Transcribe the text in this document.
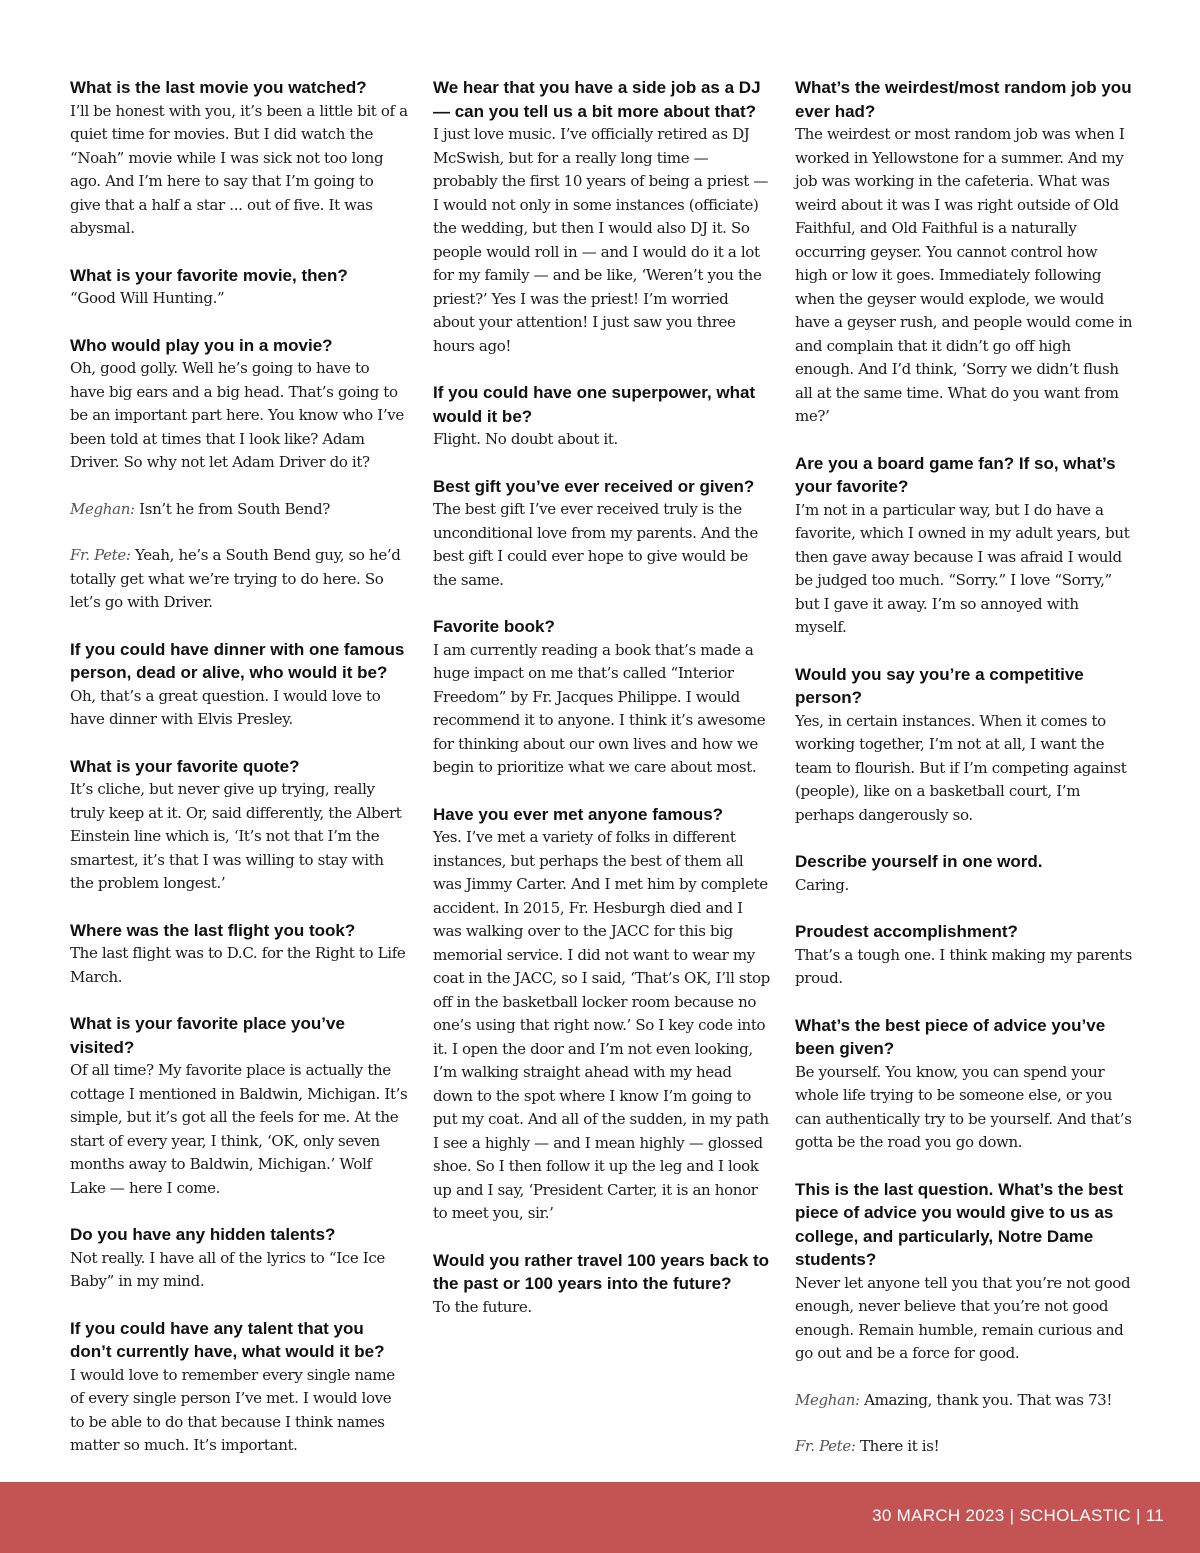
What is the last movie you watched?

I’ll be honest with you, it’s been a little bit of a quiet time for movies. But I did watch the “Noah” movie while I was sick not too long ago. And I’m here to say that I’m going to give that a half a star ... out of five. It was abysmal.

What is your favorite movie, then?

“Good Will Hunting.”

Who would play you in a movie?

Oh, good golly. Well he’s going to have to have big ears and a big head. That’s going to be an important part here. You know who I’ve been told at times that I look like? Adam Driver. So why not let Adam Driver do it?

Meghan: Isn’t he from South Bend?

Fr. Pete: Yeah, he’s a South Bend guy, so he’d totally get what we’re trying to do here. So let’s go with Driver.

If you could have dinner with one famous person, dead or alive, who would it be?

Oh, that’s a great question. I would love to have dinner with Elvis Presley.

What is your favorite quote?

It’s cliche, but never give up trying, really truly keep at it. Or, said differently, the Albert Einstein line which is, ‘It’s not that I’m the smartest, it’s that I was willing to stay with the problem longest.’

Where was the last flight you took?

The last flight was to D.C. for the Right to Life March.

What is your favorite place you’ve visited?

Of all time? My favorite place is actually the cottage I mentioned in Baldwin, Michigan. It’s simple, but it’s got all the feels for me. At the start of every year, I think, ‘OK, only seven months away to Baldwin, Michigan.’ Wolf Lake — here I come.

Do you have any hidden talents?

Not really. I have all of the lyrics to “Ice Ice Baby” in my mind.

If you could have any talent that you don’t currently have, what would it be?

I would love to remember every single name of every single person I’ve met. I would love to be able to do that because I think names matter so much. It’s important.

We hear that you have a side job as a DJ — can you tell us a bit more about that?

I just love music. I’ve officially retired as DJ McSwish, but for a really long time — probably the first 10 years of being a priest — I would not only in some instances (officiate) the wedding, but then I would also DJ it. So people would roll in — and I would do it a lot for my family — and be like, ‘Weren’t you the priest?’ Yes I was the priest! I’m worried about your attention! I just saw you three hours ago!

If you could have one superpower, what would it be?

Flight. No doubt about it.

Best gift you’ve ever received or given?

The best gift I’ve ever received truly is the unconditional love from my parents. And the best gift I could ever hope to give would be the same.

Favorite book?

I am currently reading a book that’s made a huge impact on me that’s called “Interior Freedom” by Fr. Jacques Philippe. I would recommend it to anyone. I think it’s awesome for thinking about our own lives and how we begin to prioritize what we care about most.

Have you ever met anyone famous?

Yes. I’ve met a variety of folks in different instances, but perhaps the best of them all was Jimmy Carter. And I met him by complete accident. In 2015, Fr. Hesburgh died and I was walking over to the JACC for this big memorial service. I did not want to wear my coat in the JACC, so I said, ‘That’s OK, I’ll stop off in the basketball locker room because no one’s using that right now.’ So I key code into it. I open the door and I’m not even looking, I’m walking straight ahead with my head down to the spot where I know I’m going to put my coat. And all of the sudden, in my path I see a highly — and I mean highly — glossed shoe. So I then follow it up the leg and I look up and I say, ‘President Carter, it is an honor to meet you, sir.’

Would you rather travel 100 years back to the past or 100 years into the future?

To the future.

What’s the weirdest/most random job you ever had?

The weirdest or most random job was when I worked in Yellowstone for a summer. And my job was working in the cafeteria. What was weird about it was I was right outside of Old Faithful, and Old Faithful is a naturally occurring geyser. You cannot control how high or low it goes. Immediately following when the geyser would explode, we would have a geyser rush, and people would come in and complain that it didn’t go off high enough. And I’d think, ‘Sorry we didn’t flush all at the same time. What do you want from me?’

Are you a board game fan? If so, what’s your favorite?

I’m not in a particular way, but I do have a favorite, which I owned in my adult years, but then gave away because I was afraid I would be judged too much. “Sorry.” I love “Sorry,” but I gave it away. I’m so annoyed with myself.

Would you say you’re a competitive person?

Yes, in certain instances. When it comes to working together, I’m not at all, I want the team to flourish. But if I’m competing against (people), like on a basketball court, I’m perhaps dangerously so.

Describe yourself in one word.

Caring.

Proudest accomplishment?

That’s a tough one. I think making my parents proud.

What’s the best piece of advice you’ve been given?

Be yourself. You know, you can spend your whole life trying to be someone else, or you can authentically try to be yourself. And that’s gotta be the road you go down.

This is the last question. What’s the best piece of advice you would give to us as college, and particularly, Notre Dame students?

Never let anyone tell you that you’re not good enough, never believe that you’re not good enough. Remain humble, remain curious and go out and be a force for good.

Meghan: Amazing, thank you. That was 73!

Fr. Pete: There it is!

30 MARCH 2023 | SCHOLASTIC | 11
